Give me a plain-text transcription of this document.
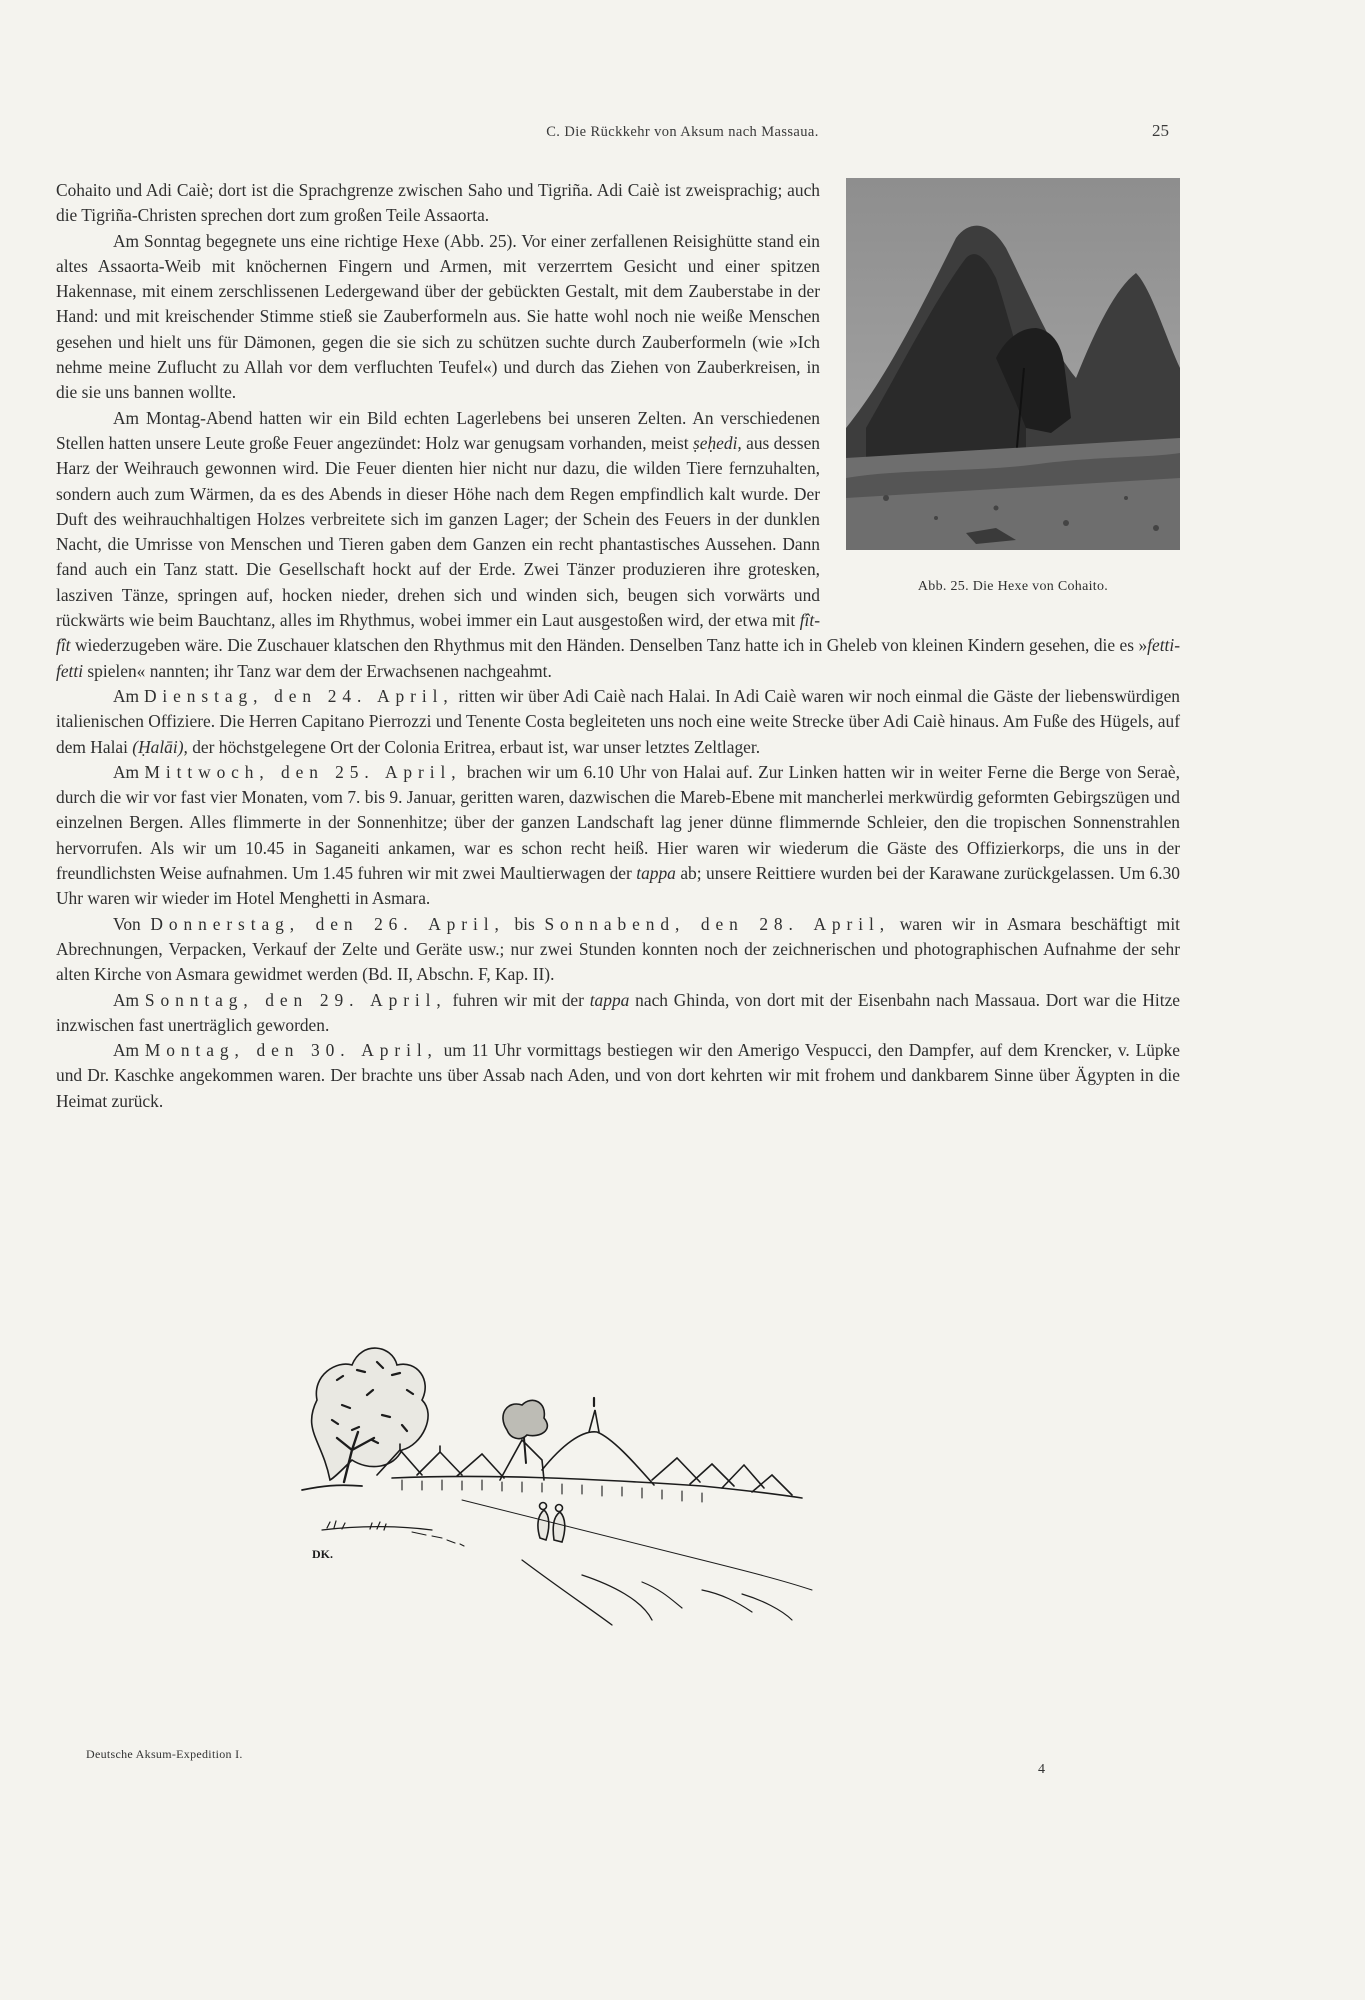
C. Die Rückkehr von Aksum nach Massaua.	25
Abb. 25. Die Hexe von Cohaito.

Cohaito und Adi Caiè; dort ist die Sprachgrenze zwischen Saho und Tigriña. Adi Caiè ist zweisprachig; auch die Tigriña-Christen sprechen dort zum großen Teile Assaorta.

Am Sonntag begegnete uns eine richtige Hexe (Abb. 25). Vor einer zerfallenen Reisighütte stand ein altes Assaorta-Weib mit knöchernen Fingern und Armen, mit verzerrtem Gesicht und einer spitzen Hakennase, mit einem zerschlissenen Ledergewand über der gebückten Gestalt, mit dem Zauberstabe in der Hand: und mit kreischender Stimme stieß sie Zauberformeln aus. Sie hatte wohl noch nie weiße Menschen gesehen und hielt uns für Dämonen, gegen die sie sich zu schützen suchte durch Zauberformeln (wie »Ich nehme meine Zuflucht zu Allah vor dem verfluchten Teufel«) und durch das Ziehen von Zauberkreisen, in die sie uns bannen wollte.

Am Montag-Abend hatten wir ein Bild echten Lagerlebens bei unseren Zelten. An verschiedenen Stellen hatten unsere Leute große Feuer angezündet: Holz war genugsam vorhanden, meist ṣeḥedi, aus dessen Harz der Weihrauch gewonnen wird. Die Feuer dienten hier nicht nur dazu, die wilden Tiere fernzuhalten, sondern auch zum Wärmen, da es des Abends in dieser Höhe nach dem Regen empfindlich kalt wurde. Der Duft des weihrauchhaltigen Holzes verbreitete sich im ganzen Lager; der Schein des Feuers in der dunklen Nacht, die Umrisse von Menschen und Tieren gaben dem Ganzen ein recht phantastisches Aussehen. Dann fand auch ein Tanz statt. Die Gesellschaft hockt auf der Erde. Zwei Tänzer produzieren ihre grotesken, lasziven Tänze, springen auf, hocken nieder, drehen sich und winden sich, beugen sich vorwärts und rückwärts wie beim Bauchtanz, alles im Rhythmus, wobei immer ein Laut ausgestoßen wird, der etwa mit fît-fît wiederzugeben wäre. Die Zuschauer klatschen den Rhythmus mit den Händen. Denselben Tanz hatte ich in Gheleb von kleinen Kindern gesehen, die es »fetti-fetti spielen« nannten; ihr Tanz war dem der Erwachsenen nachgeahmt.

Am Dienstag, den 24. April, ritten wir über Adi Caiè nach Halai. In Adi Caiè waren wir noch einmal die Gäste der liebenswürdigen italienischen Offiziere. Die Herren Capitano Pierrozzi und Tenente Costa begleiteten uns noch eine weite Strecke über Adi Caiè hinaus. Am Fuße des Hügels, auf dem Halai (Ḥalāi), der höchstgelegene Ort der Colonia Eritrea, erbaut ist, war unser letztes Zeltlager.

Am Mittwoch, den 25. April, brachen wir um 6.10 Uhr von Halai auf. Zur Linken hatten wir in weiter Ferne die Berge von Seraè, durch die wir vor fast vier Monaten, vom 7. bis 9. Januar, geritten waren, dazwischen die Mareb-Ebene mit mancherlei merkwürdig geformten Gebirgszügen und einzelnen Bergen. Alles flimmerte in der Sonnenhitze; über der ganzen Landschaft lag jener dünne flimmernde Schleier, den die tropischen Sonnenstrahlen hervorrufen. Als wir um 10.45 in Saganeiti ankamen, war es schon recht heiß. Hier waren wir wiederum die Gäste des Offizierkorps, die uns in der freundlichsten Weise aufnahmen. Um 1.45 fuhren wir mit zwei Maultierwagen der tappa ab; unsere Reittiere wurden bei der Karawane zurückgelassen. Um 6.30 Uhr waren wir wieder im Hotel Menghetti in Asmara.

Von Donnerstag, den 26. April, bis Sonnabend, den 28. April, waren wir in Asmara beschäftigt mit Abrechnungen, Verpacken, Verkauf der Zelte und Geräte usw.; nur zwei Stunden konnten noch der zeichnerischen und photographischen Aufnahme der sehr alten Kirche von Asmara gewidmet werden (Bd. II, Abschn. F, Kap. II).

Am Sonntag, den 29. April, fuhren wir mit der tappa nach Ghinda, von dort mit der Eisenbahn nach Massaua. Dort war die Hitze inzwischen fast unerträglich geworden.

Am Montag, den 30. April, um 11 Uhr vormittags bestiegen wir den Amerigo Vespucci, den Dampfer, auf dem Krencker, v. Lüpke und Dr. Kaschke angekommen waren. Der brachte uns über Assab nach Aden, und von dort kehrten wir mit frohem und dankbarem Sinne über Ägypten in die Heimat zurück.

DK.
Deutsche Aksum-Expedition I.
4
